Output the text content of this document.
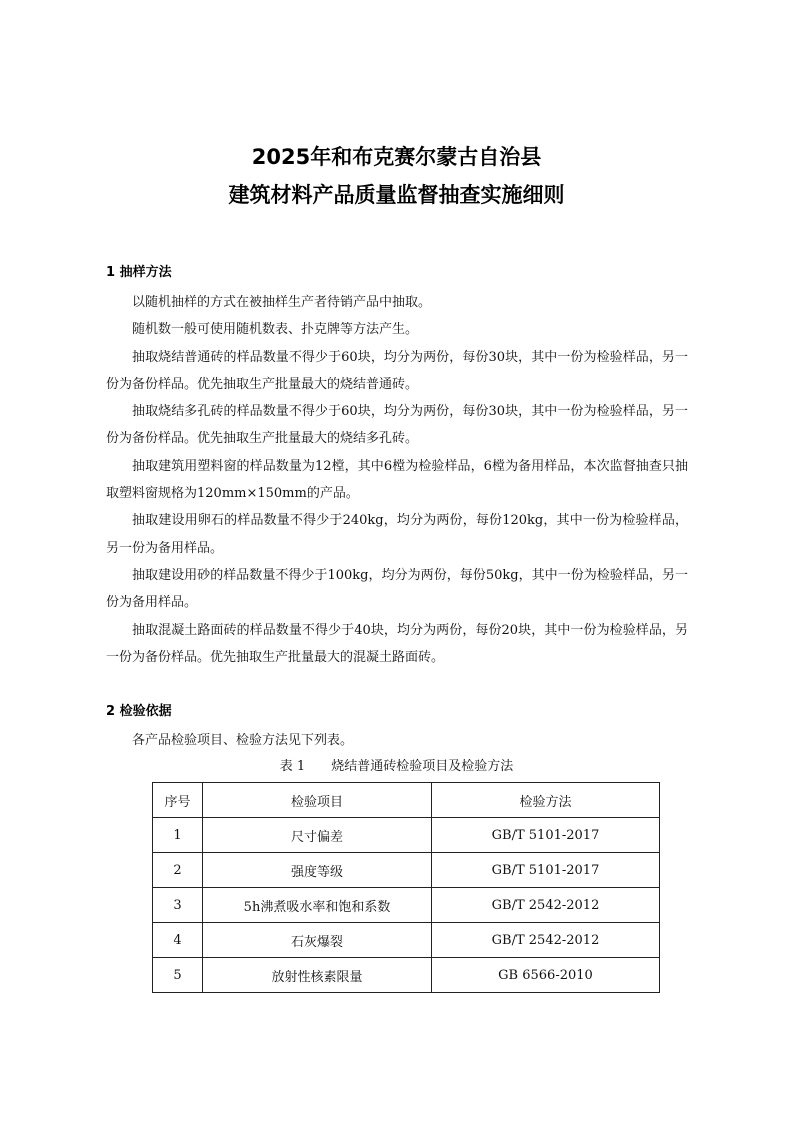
2025年和布克赛尔蒙古自治县
建筑材料产品质量监督抽查实施细则
1 抽样方法

以随机抽样的方式在被抽样生产者待销产品中抽取。

随机数一般可使用随机数表、扑克牌等方法产生。

抽取烧结普通砖的样品数量不得少于60块，均分为两份，每份30块，其中一份为检验样品，另一份为备份样品。优先抽取生产批量最大的烧结普通砖。

抽取烧结多孔砖的样品数量不得少于60块，均分为两份，每份30块，其中一份为检验样品，另一份为备份样品。优先抽取生产批量最大的烧结多孔砖。

抽取建筑用塑料窗的样品数量为12樘，其中6樘为检验样品，6樘为备用样品，本次监督抽查只抽取塑料窗规格为120mm×150mm的产品。

抽取建设用卵石的样品数量不得少于240kg，均分为两份，每份120kg，其中一份为检验样品，另一份为备用样品。

抽取建设用砂的样品数量不得少于100kg，均分为两份，每份50kg，其中一份为检验样品，另一份为备用样品。

抽取混凝土路面砖的样品数量不得少于40块，均分为两份，每份20块，其中一份为检验样品，另一份为备份样品。优先抽取生产批量最大的混凝土路面砖。

2 检验依据

各产品检验项目、检验方法见下列表。

表 1 烧结普通砖检验项目及检验方法
序号	检验项目	检验方法
1	尺寸偏差	GB/T 5101-2017
2	强度等级	GB/T 5101-2017
3	5h沸煮吸水率和饱和系数	GB/T 2542-2012
4	石灰爆裂	GB/T 2542-2012
5	放射性核素限量	GB 6566-2010
